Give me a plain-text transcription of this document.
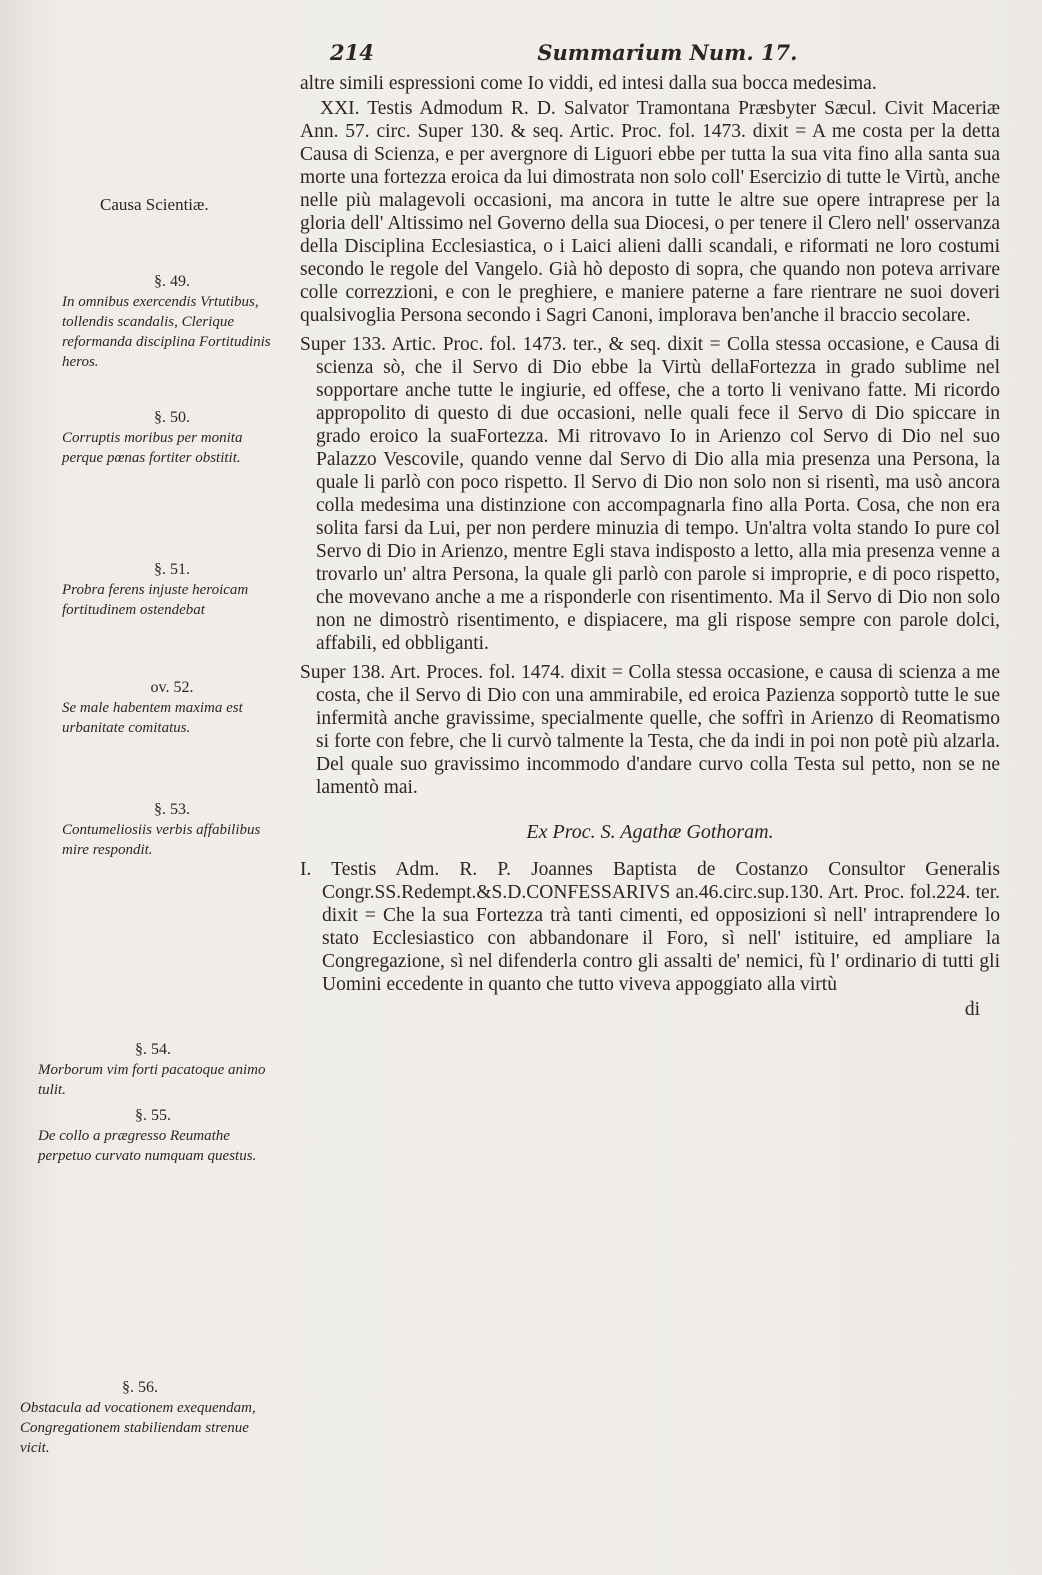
214	Summarium Num. 17.

altre simili espressioni come Io viddi, ed intesi dalla sua bocca medesima.

XXI. Testis Admodum R. D. Salvator Tramontana Præsbyter Sæcul. Civit Maceriæ Ann. 57. circ. Super 130. & seq. Artic. Proc. fol. 1473. dixit = A me costa per la detta Causa di Scienza, e per avergnore di Liguori ebbe per tutta la sua vita fino alla santa sua morte una fortezza eroica da lui dimostrata non solo coll' Esercizio di tutte le Virtù, anche nelle più malagevoli occasioni, ma ancora in tutte le altre sue opere intraprese per la gloria dell' Altissimo nel Governo della sua Diocesi, o per tenere il Clero nell' osservanza della Disciplina Ecclesiastica, o i Laici alieni dalli scandali, e riformati ne loro costumi secondo le regole del Vangelo. Già hò deposto di sopra, che quando non poteva arrivare colle correzzioni, e con le preghiere, e maniere paterne a fare rientrare ne suoi doveri qualsivoglia Persona secondo i Sagri Canoni, implorava ben'anche il braccio secolare.

Super 133. Artic. Proc. fol. 1473. ter., & seq. dixit = Colla stessa occasione, e Causa di scienza sò, che il Servo di Dio ebbe la Virtù dellaFortezza in grado sublime nel sopportare anche tutte le ingiurie, ed offese, che a torto li venivano fatte. Mi ricordo appropolito di questo di due occasioni, nelle quali fece il Servo di Dio spiccare in grado eroico la suaFortezza. Mi ritrovavo Io in Arienzo col Servo di Dio nel suo Palazzo Vescovile, quando venne dal Servo di Dio alla mia presenza una Persona, la quale li parlò con poco rispetto. Il Servo di Dio non solo non si risentì, ma usò ancora colla medesima una distinzione con accompagnarla fino alla Porta. Cosa, che non era solita farsi da Lui, per non perdere minuzia di tempo. Un'altra volta stando Io pure col Servo di Dio in Arienzo, mentre Egli stava indisposto a letto, alla mia presenza venne a trovarlo un' altra Persona, la quale gli parlò con parole si improprie, e di poco rispetto, che movevano anche a me a risponderle con risentimento. Ma il Servo di Dio non solo non ne dimostrò risentimento, e dispiacere, ma gli rispose sempre con parole dolci, affabili, ed obbliganti.

Super 138. Art. Proces. fol. 1474. dixit = Colla stessa occasione, e causa di scienza a me costa, che il Servo di Dio con una ammirabile, ed eroica Pazienza sopportò tutte le sue infermità anche gravissime, specialmente quelle, che soffrì in Arienzo di Reomatismo si forte con febre, che li curvò talmente la Testa, che da indi in poi non potè più alzarla. Del quale suo gravissimo incommodo d'andare curvo colla Testa sul petto, non se ne lamentò mai.

Ex Proc. S. Agathæ Gothoram.

I. Testis Adm. R. P. Joannes Baptista de Costanzo Consultor Generalis Congr.SS.Redempt.&S.D.CONFESSARIVS an.46.circ.sup.130. Art. Proc. fol.224. ter. dixit = Che la sua Fortezza trà tanti cimenti, ed opposizioni sì nell' intraprendere lo stato Ecclesiastico con abbandonare il Foro, sì nell' istituire, ed ampliare la Congregazione, sì nel difenderla contro gli assalti de' nemici, fù l' ordinario di tutti gli Uomini eccedente in quanto che tutto viveva appoggiato alla virtù

di
Causa Scientiæ.
§. 49.
In omnibus exercendis Vrtutibus, tollendis scandalis, Clerique reformanda disciplina Fortitudinis heros.
§. 50.
Corruptis moribus per monita perque pœnas fortiter obstitit.
§. 51.
Probra ferens injuste heroicam fortitudinem ostendebat
ov. 52.
Se male habentem maxima est urbanitate comitatus.
§. 53.
Contumeliosiis verbis affabilibus mire respondit.
§. 54.
Morborum vim forti pacatoque animo tulit.
§. 55.
De collo a prægresso Reumathe perpetuo curvato numquam questus.
§. 56.
Obstacula ad vocationem exequendam, Congregationem stabiliendam strenue vicit.
